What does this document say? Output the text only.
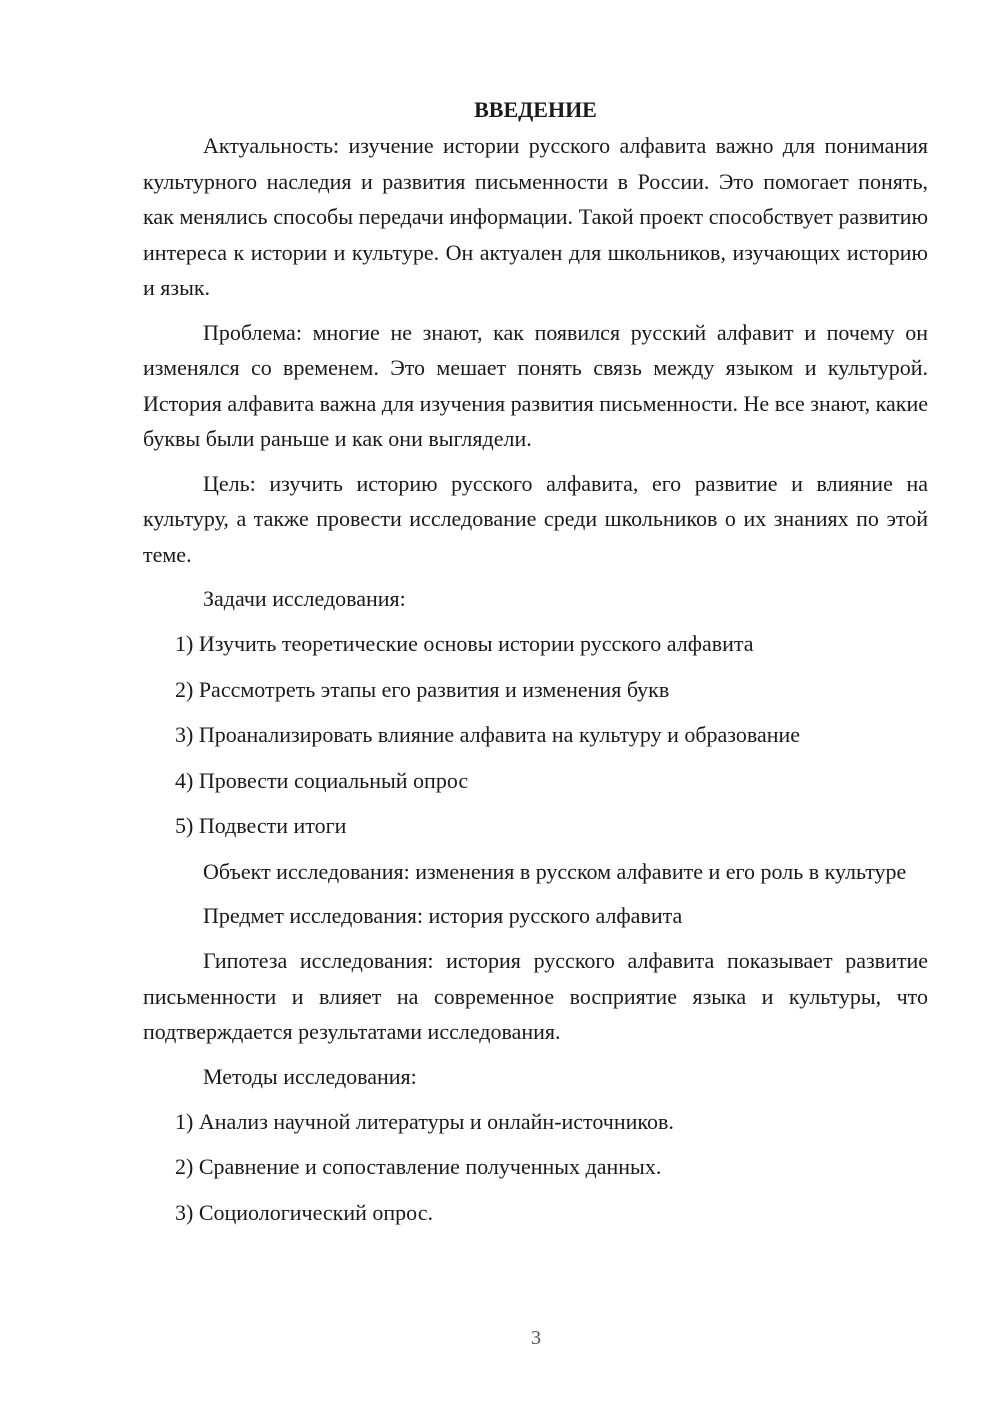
ВВЕДЕНИЕ

Актуальность: изучение истории русского алфавита важно для понимания культурного наследия и развития письменности в России. Это помогает понять, как менялись способы передачи информации. Такой проект способствует развитию интереса к истории и культуре. Он актуален для школьников, изучающих историю и язык.

Проблема: многие не знают, как появился русский алфавит и почему он изменялся со временем. Это мешает понять связь между языком и культурой. История алфавита важна для изучения развития письменности. Не все знают, какие буквы были раньше и как они выглядели.

Цель: изучить историю русского алфавита, его развитие и влияние на культуру, а также провести исследование среди школьников о их знаниях по этой теме.

Задачи исследования:

1) Изучить теоретические основы истории русского алфавита

2) Рассмотреть этапы его развития и изменения букв

3) Проанализировать влияние алфавита на культуру и образование

4) Провести социальный опрос

5) Подвести итоги

Объект исследования: изменения в русском алфавите и его роль в культуре

Предмет исследования: история русского алфавита

Гипотеза исследования: история русского алфавита показывает развитие письменности и влияет на современное восприятие языка и культуры, что подтверждается результатами исследования.

Методы исследования:

1) Анализ научной литературы и онлайн-источников.

2) Сравнение и сопоставление полученных данных.

3) Социологический опрос.

3
